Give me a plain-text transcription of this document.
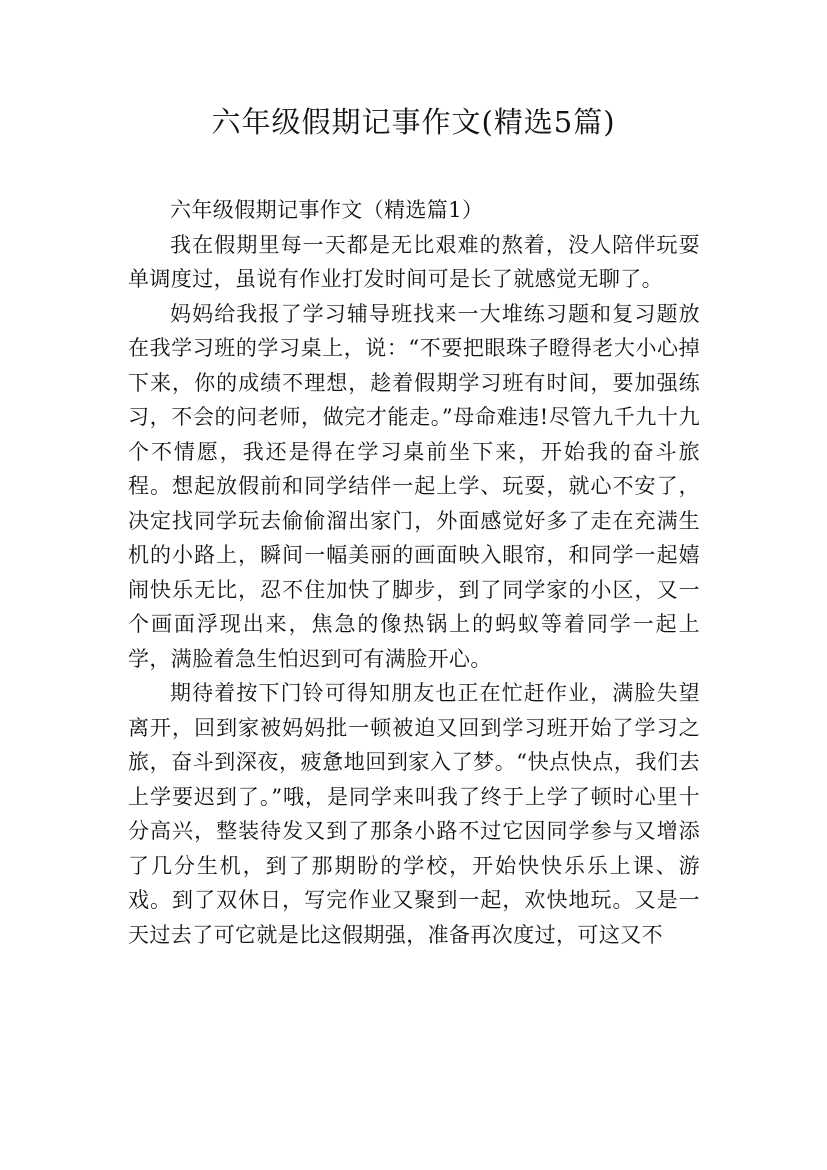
六年级假期记事作文(精选5篇)
六年级假期记事作文（精选篇1）

我在假期里每一天都是无比艰难的熬着，没人陪伴玩耍单调度过，虽说有作业打发时间可是长了就感觉无聊了。

妈妈给我报了学习辅导班找来一大堆练习题和复习题放在我学习班的学习桌上，说：“不要把眼珠子瞪得老大小心掉下来，你的成绩不理想，趁着假期学习班有时间，要加强练习，不会的问老师，做完才能走。”母命难违!尽管九千九十九个不情愿，我还是得在学习桌前坐下来，开始我的奋斗旅程。想起放假前和同学结伴一起上学、玩耍，就心不安了，决定找同学玩去偷偷溜出家门，外面感觉好多了走在充满生机的小路上，瞬间一幅美丽的画面映入眼帘，和同学一起嬉闹快乐无比，忍不住加快了脚步，到了同学家的小区，又一个画面浮现出来，焦急的像热锅上的蚂蚁等着同学一起上学，满脸着急生怕迟到可有满脸开心。

期待着按下门铃可得知朋友也正在忙赶作业，满脸失望离开，回到家被妈妈批一顿被迫又回到学习班开始了学习之旅，奋斗到深夜，疲惫地回到家入了梦。“快点快点，我们去上学要迟到了。”哦，是同学来叫我了终于上学了顿时心里十分高兴，整装待发又到了那条小路不过它因同学参与又增添了几分生机，到了那期盼的学校，开始快快乐乐上课、游戏。到了双休日，写完作业又聚到一起，欢快地玩。又是一天过去了可它就是比这假期强，准备再次度过，可这又不
